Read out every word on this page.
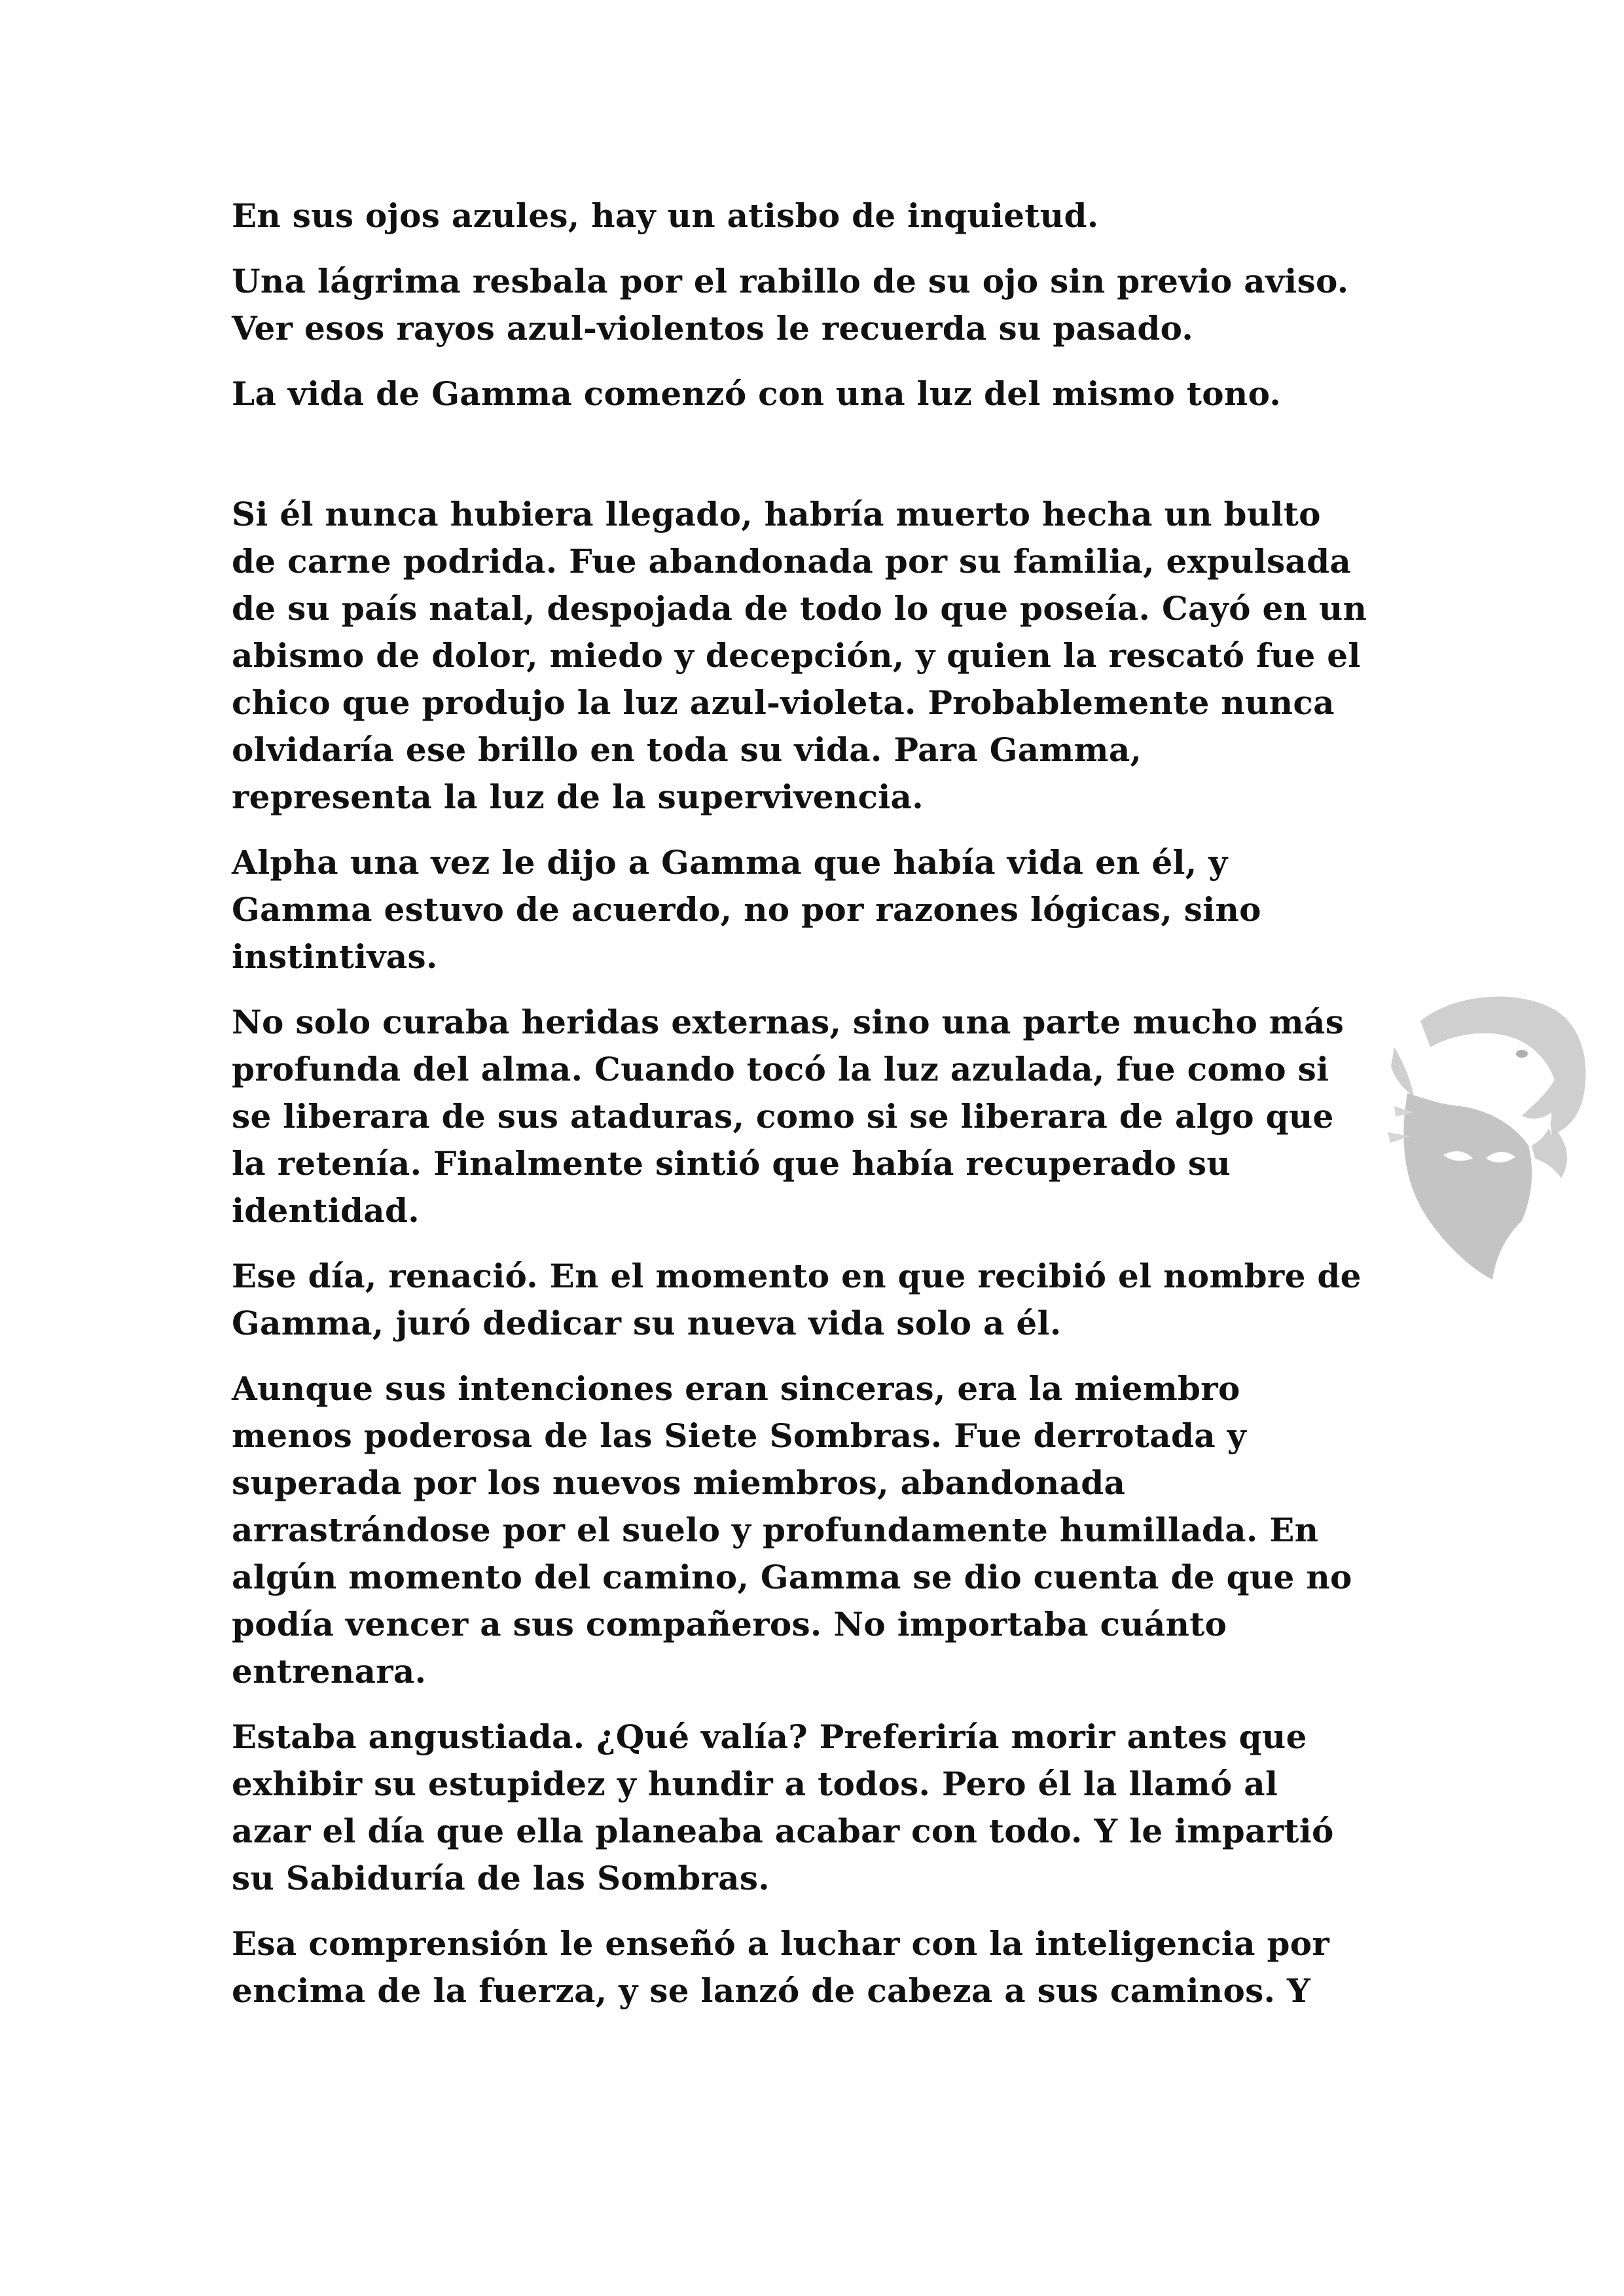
En sus ojos azules, hay un atisbo de inquietud.

Una lágrima resbala por el rabillo de su ojo sin previo aviso.
Ver esos rayos azul-violentos le recuerda su pasado.

La vida de Gamma comenzó con una luz del mismo tono.

Si él nunca hubiera llegado, habría muerto hecha un bulto
de carne podrida. Fue abandonada por su familia, expulsada
de su país natal, despojada de todo lo que poseía. Cayó en un
abismo de dolor, miedo y decepción, y quien la rescató fue el
chico que produjo la luz azul-violeta. Probablemente nunca
olvidaría ese brillo en toda su vida. Para Gamma,
representa la luz de la supervivencia.

Alpha una vez le dijo a Gamma que había vida en él, y
Gamma estuvo de acuerdo, no por razones lógicas, sino
instintivas.

No solo curaba heridas externas, sino una parte mucho más
profunda del alma. Cuando tocó la luz azulada, fue como si
se liberara de sus ataduras, como si se liberara de algo que
la retenía. Finalmente sintió que había recuperado su
identidad.

Ese día, renació. En el momento en que recibió el nombre de
Gamma, juró dedicar su nueva vida solo a él.

Aunque sus intenciones eran sinceras, era la miembro
menos poderosa de las Siete Sombras. Fue derrotada y
superada por los nuevos miembros, abandonada
arrastrándose por el suelo y profundamente humillada. En
algún momento del camino, Gamma se dio cuenta de que no
podía vencer a sus compañeros. No importaba cuánto
entrenara.

Estaba angustiada. ¿Qué valía? Preferiría morir antes que
exhibir su estupidez y hundir a todos. Pero él la llamó al
azar el día que ella planeaba acabar con todo. Y le impartió
su Sabiduría de las Sombras.

Esa comprensión le enseñó a luchar con la inteligencia por
encima de la fuerza, y se lanzó de cabeza a sus caminos. Y
